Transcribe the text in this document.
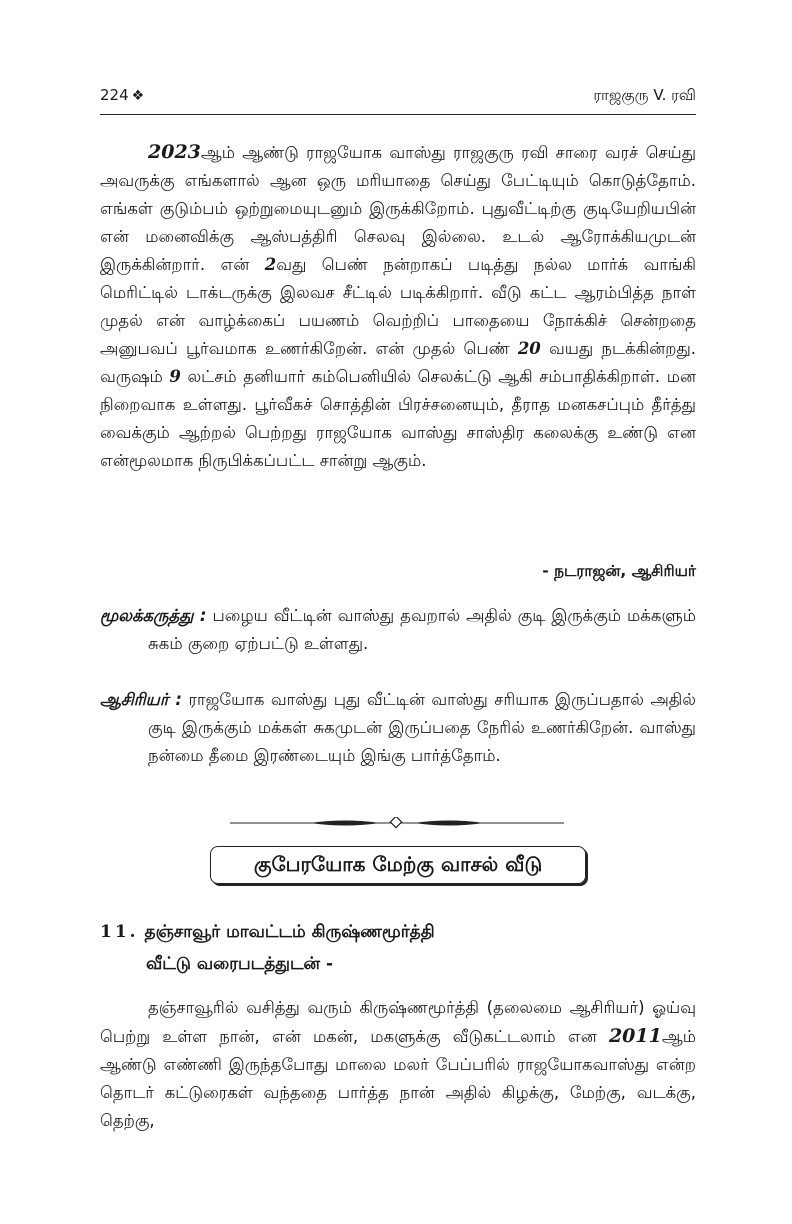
224 ❖	ராஜகுரு V. ரவி
2023ஆம் ஆண்டு ராஜயோக வாஸ்து ராஜகுரு ரவி சாரை வரச் செய்து அவருக்கு எங்களால் ஆன ஒரு மரியாதை செய்து பேட்டியும் கொடுத்தோம். எங்கள் குடும்பம் ஒற்றுமையுடனும் இருக்கிறோம். புதுவீட்டிற்கு குடியேறியபின் என் மனைவிக்கு ஆஸ்பத்திரி செலவு இல்லை. உடல் ஆரோக்கியமுடன் இருக்கின்றார். என் 2வது பெண் நன்றாகப் படித்து நல்ல மார்க் வாங்கி மெரிட்டில் டாக்டருக்கு இலவச சீட்டில் படிக்கிறார். வீடு கட்ட ஆரம்பித்த நாள் முதல் என் வாழ்க்கைப் பயணம் வெற்றிப் பாதையை நோக்கிச் சென்றதை அனுபவப் பூர்வமாக உணர்கிறேன். என் முதல் பெண் 20 வயது நடக்கின்றது. வருஷம் 9 லட்சம் தனியார் கம்பெனியில் செலக்ட்டு ஆகி சம்பாதிக்கிறாள். மன நிறைவாக உள்ளது. பூர்வீகச் சொத்தின் பிரச்சனையும், தீராத மனகசப்பும் தீர்த்து வைக்கும் ஆற்றல் பெற்றது ராஜயோக வாஸ்து சாஸ்திர கலைக்கு உண்டு என என்மூலமாக நிருபிக்கப்பட்ட சான்று ஆகும்.
- நடராஜன், ஆசிரியர்
மூலக்கருத்து : பழைய வீட்டின் வாஸ்து தவறால் அதில் குடி இருக்கும் மக்களும் சுகம் குறை ஏற்பட்டு உள்ளது.
ஆசிரியர் : ராஜயோக வாஸ்து புது வீட்டின் வாஸ்து சரியாக இருப்பதால் அதில் குடி இருக்கும் மக்கள் சுகமுடன் இருப்பதை நேரில் உணர்கிறேன். வாஸ்து நன்மை தீமை இரண்டையும் இங்கு பார்த்தோம்.
குபேரயோக மேற்கு வாசல் வீடு
11. தஞ்சாவூர் மாவட்டம் கிருஷ்ணமூர்த்தி
வீட்டு வரைபடத்துடன் -
தஞ்சாவூரில் வசித்து வரும் கிருஷ்ணமூர்த்தி (தலைமை ஆசிரியர்) ஓய்வு பெற்று உள்ள நான், என் மகன், மகளுக்கு வீடுகட்டலாம் என 2011ஆம் ஆண்டு எண்ணி இருந்தபோது மாலை மலர் பேப்பரில் ராஜயோகவாஸ்து என்ற தொடர் கட்டுரைகள் வந்ததை பார்த்த நான் அதில் கிழக்கு, மேற்கு, வடக்கு, தெற்கு,
